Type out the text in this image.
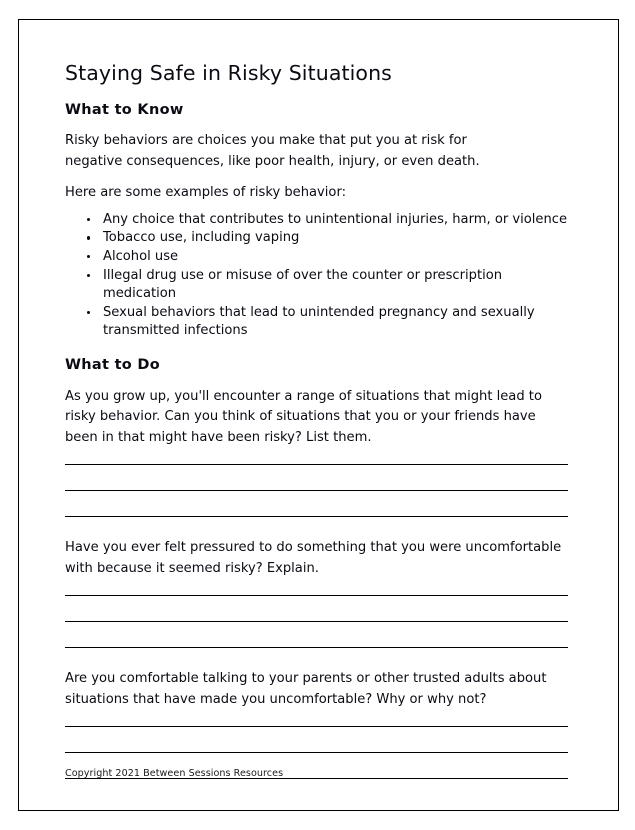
Staying Safe in Risky Situations
What to Know

Risky behaviors are choices you make that put you at risk for negative consequences, like poor health, injury, or even death.

Here are some examples of risky behavior:

Any choice that contributes to unintentional injuries, harm, or violence
Tobacco use, including vaping
Alcohol use
Illegal drug use or misuse of over the counter or prescription medication
Sexual behaviors that lead to unintended pregnancy and sexually transmitted infections
What to Do

As you grow up, you'll encounter a range of situations that might lead to risky behavior. Can you think of situations that you or your friends have been in that might have been risky? List them.

Have you ever felt pressured to do something that you were uncomfortable with because it seemed risky? Explain.

Are you comfortable talking to your parents or other trusted adults about situations that have made you uncomfortable? Why or why not?

Copyright 2021 Between Sessions Resources
